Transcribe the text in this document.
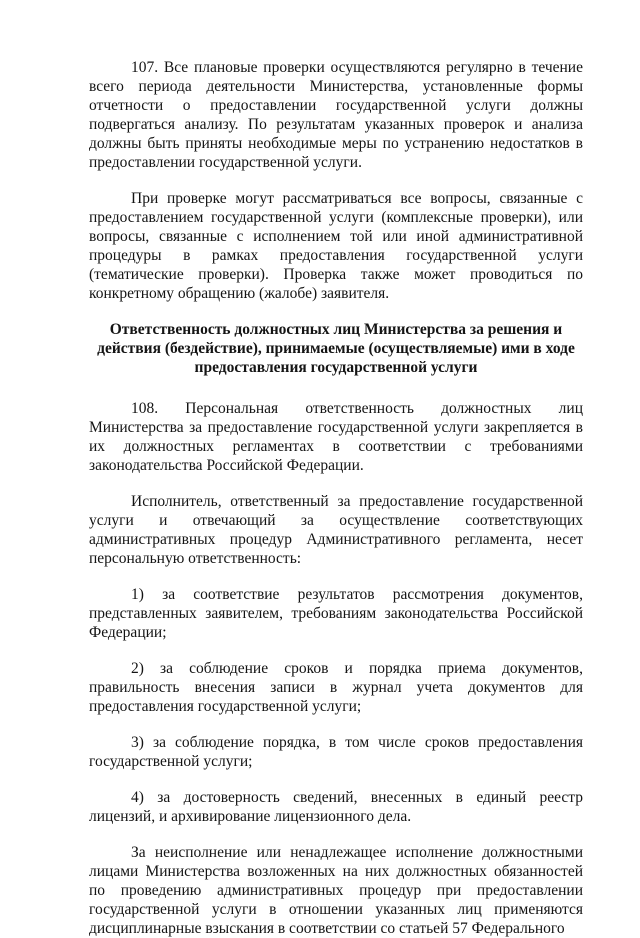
107. Все плановые проверки осуществляются регулярно в течение всего периода деятельности Министерства, установленные формы отчетности о предоставлении государственной услуги должны подвергаться анализу. По результатам указанных проверок и анализа должны быть приняты необходимые меры по устранению недостатков в предоставлении государственной услуги.

При проверке могут рассматриваться все вопросы, связанные с предоставлением государственной услуги (комплексные проверки), или вопросы, связанные с исполнением той или иной административной процедуры в рамках предоставления государственной услуги (тематические проверки). Проверка также может проводиться по конкретному обращению (жалобе) заявителя.

Ответственность должностных лиц Министерства за решения и действия (бездействие), принимаемые (осуществляемые) ими в ходе предоставления государственной услуги

108. Персональная ответственность должностных лиц Министерства за предоставление государственной услуги закрепляется в их должностных регламентах в соответствии с требованиями законодательства Российской Федерации.

Исполнитель, ответственный за предоставление государственной услуги и отвечающий за осуществление соответствующих административных процедур Административного регламента, несет персональную ответственность:

1) за соответствие результатов рассмотрения документов, представленных заявителем, требованиям законодательства Российской Федерации;

2) за соблюдение сроков и порядка приема документов, правильность внесения записи в журнал учета документов для предоставления государственной услуги;

3) за соблюдение порядка, в том числе сроков предоставления государственной услуги;

4) за достоверность сведений, внесенных в единый реестр лицензий, и архивирование лицензионного дела.

За неисполнение или ненадлежащее исполнение должностными лицами Министерства возложенных на них должностных обязанностей по проведению административных процедур при предоставлении государственной услуги в отношении указанных лиц применяются дисциплинарные взыскания в соответствии со статьей 57 Федерального
